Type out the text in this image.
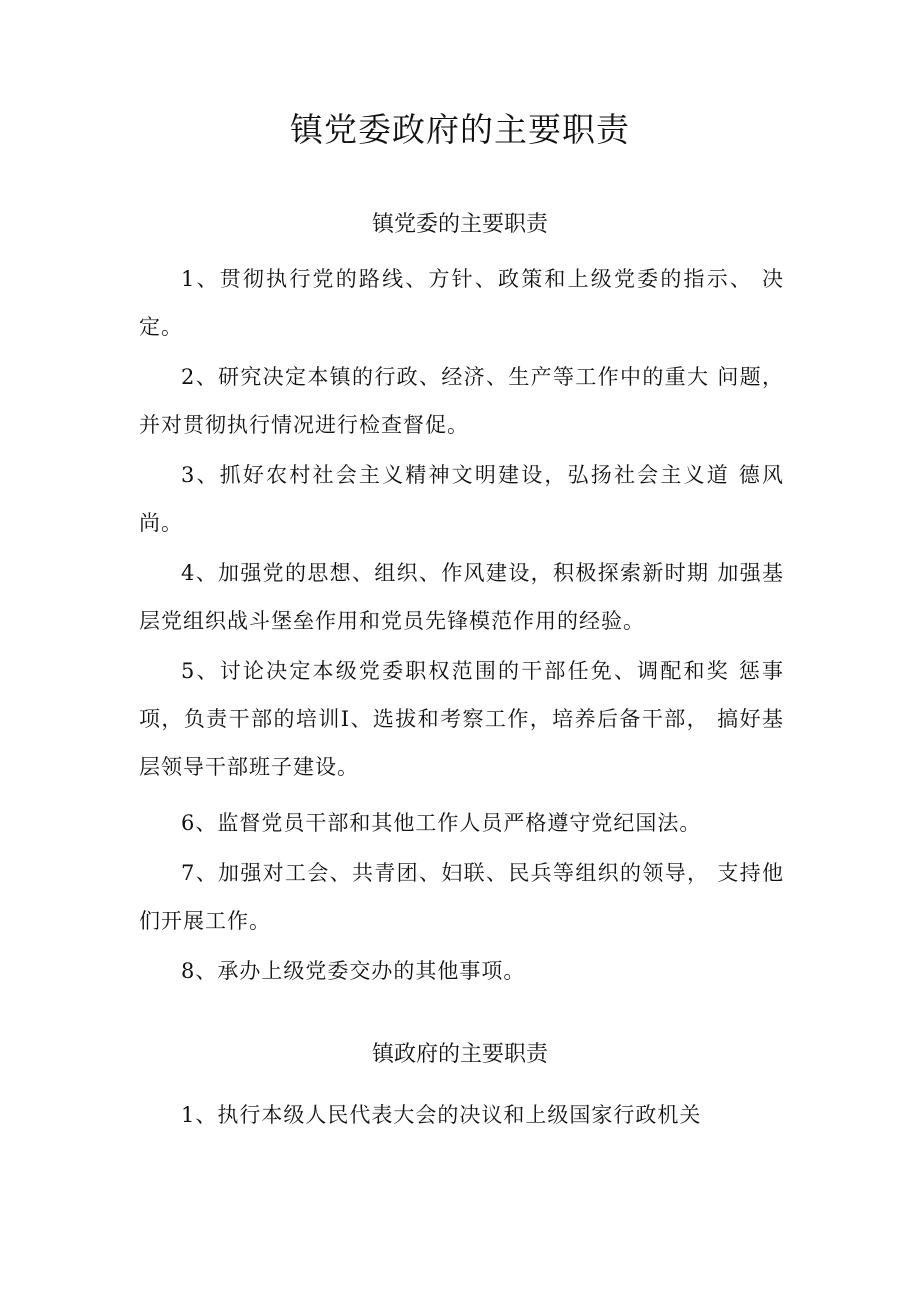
镇党委政府的主要职责
镇党委的主要职责

1、贯彻执行党的路线、方针、政策和上级党委的指示、 决定。

2、研究决定本镇的行政、经济、生产等工作中的重大 问题，并对贯彻执行情况进行检查督促。

3、抓好农村社会主义精神文明建设，弘扬社会主义道 德风尚。

4、加强党的思想、组织、作风建设，积极探索新时期 加强基层党组织战斗堡垒作用和党员先锋模范作用的经验。

5、讨论决定本级党委职权范围的干部任免、调配和奖 惩事项，负责干部的培训I、选拔和考察工作，培养后备干部， 搞好基层领导干部班子建设。

6、监督党员干部和其他工作人员严格遵守党纪国法。

7、加强对工会、共青团、妇联、民兵等组织的领导， 支持他们开展工作。

8、承办上级党委交办的其他事项。

镇政府的主要职责

1、执行本级人民代表大会的决议和上级国家行政机关
